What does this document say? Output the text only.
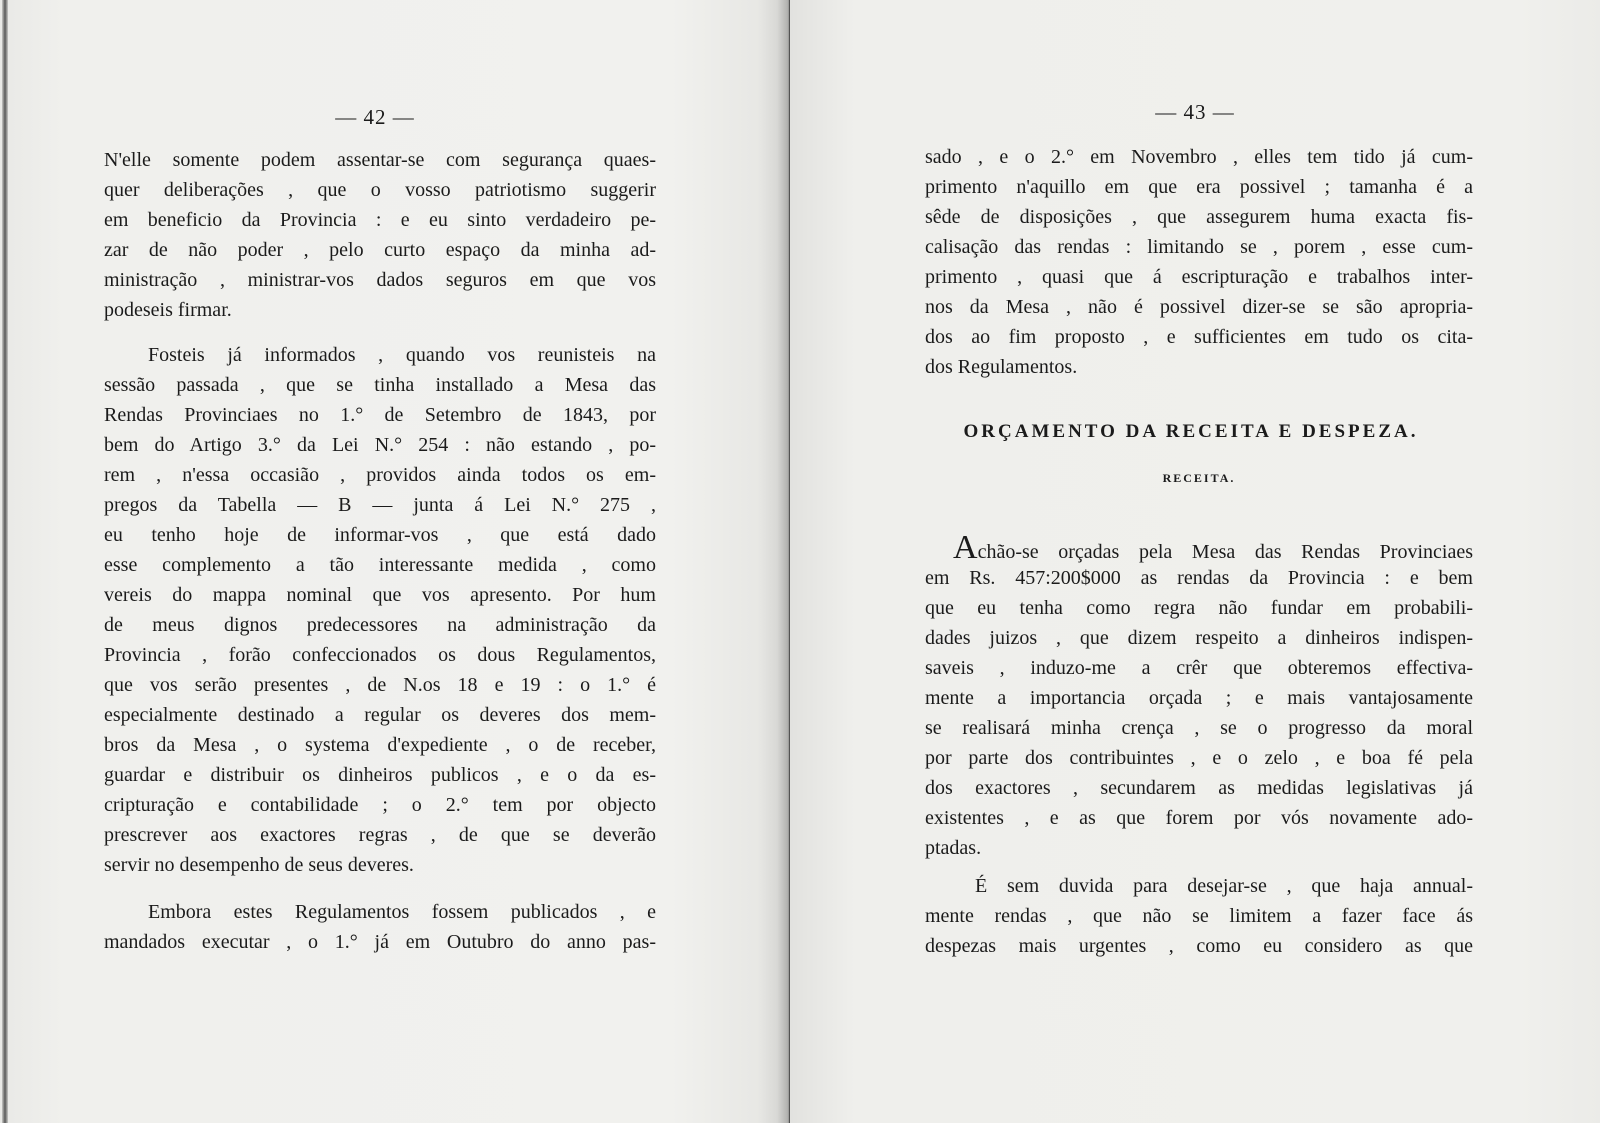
— 42 —
N'elle somente podem assentar-se com segurança quaes-
quer deliberações , que o vosso patriotismo suggerir
em beneficio da Provincia : e eu sinto verdadeiro pe-
zar de não poder , pelo curto espaço da minha ad-
ministração , ministrar-vos dados seguros em que vos
podeseis firmar.
Fosteis já informados , quando vos reunisteis na
sessão passada , que se tinha installado a Mesa das
Rendas Provinciaes no 1.° de Setembro de 1843, por
bem do Artigo 3.° da Lei N.° 254 : não estando , po-
rem , n'essa occasião , providos ainda todos os em-
pregos da Tabella — B — junta á Lei N.° 275 ,
eu tenho hoje de informar-vos , que está dado
esse complemento a tão interessante medida , como
vereis do mappa nominal que vos apresento. Por hum
de meus dignos predecessores na administração da
Provincia , forão confeccionados os dous Regulamentos,
que vos serão presentes , de N.os 18 e 19 : o 1.° é
especialmente destinado a regular os deveres dos mem-
bros da Mesa , o systema d'expediente , o de receber,
guardar e distribuir os dinheiros publicos , e o da es-
cripturação e contabilidade ; o 2.° tem por objecto
prescrever aos exactores regras , de que se deverão
servir no desempenho de seus deveres.
Embora estes Regulamentos fossem publicados , e
mandados executar , o 1.° já em Outubro do anno pas-
— 43 —
sado , e o 2.° em Novembro , elles tem tido já cum-
primento n'aquillo em que era possivel ; tamanha é a
sêde de disposições , que assegurem huma exacta fis-
calisação das rendas : limitando se , porem , esse cum-
primento , quasi que á escripturação e trabalhos inter-
nos da Mesa , não é possivel dizer-se se são apropria-
dos ao fim proposto , e sufficientes em tudo os cita-
dos Regulamentos.
ORÇAMENTO DA RECEITA E DESPEZA.
RECEITA.
Achão-se orçadas pela Mesa das Rendas Provinciaes
em Rs. 457:200$000 as rendas da Provincia : e bem
que eu tenha como regra não fundar em probabili-
dades juizos , que dizem respeito a dinheiros indispen-
saveis , induzo-me a crêr que obteremos effectiva-
mente a importancia orçada ; e mais vantajosamente
se realisará minha crença , se o progresso da moral
por parte dos contribuintes , e o zelo , e boa fé pela
dos exactores , secundarem as medidas legislativas já
existentes , e as que forem por vós novamente ado-
ptadas.
É sem duvida para desejar-se , que haja annual-
mente rendas , que não se limitem a fazer face ás
despezas mais urgentes , como eu considero as que
